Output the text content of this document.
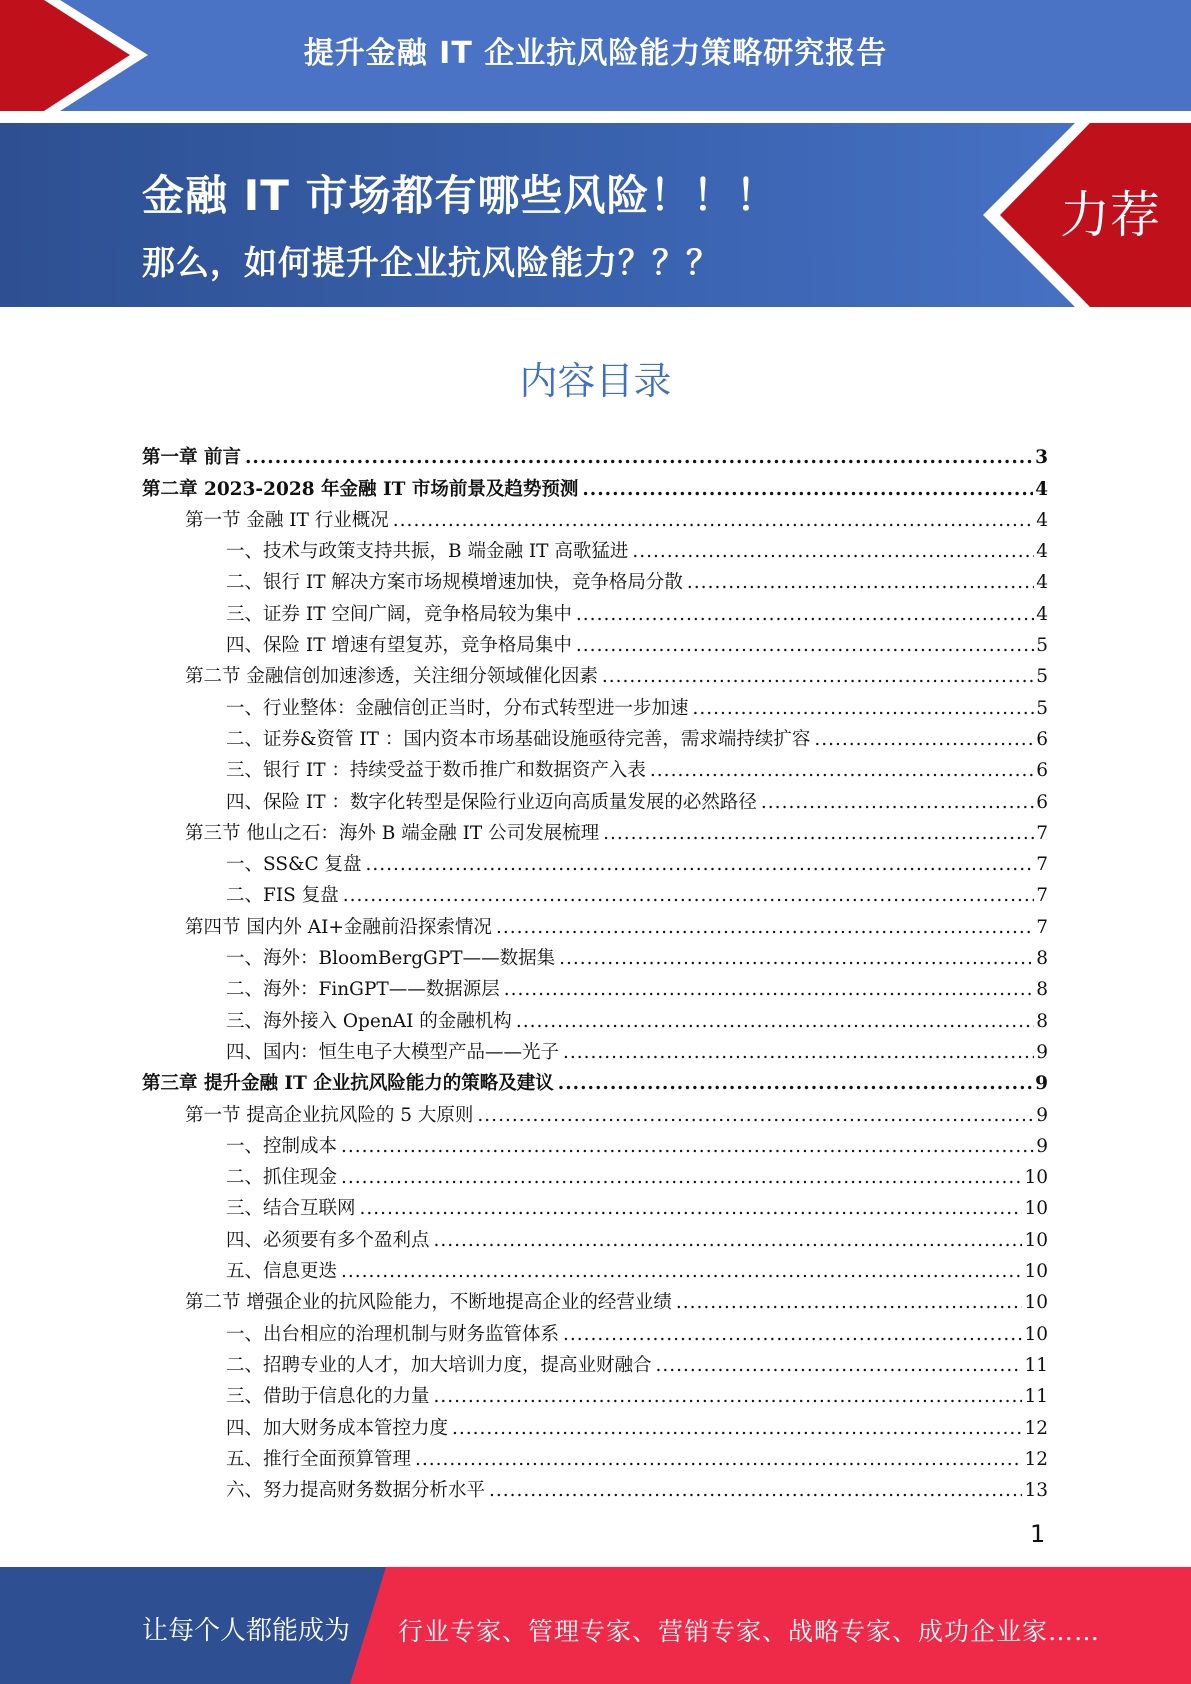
提升金融 IT 企业抗风险能力策略研究报告
金融 IT 市场都有哪些风险！！！
那么，如何提升企业抗风险能力？？？
力荐
内容目录
第一章 前言 .....	3
第二章 2023-2028 年金融 IT 市场前景及趋势预测 .....	4
第一节 金融 IT 行业概况 .....	4
一、技术与政策支持共振，B 端金融 IT 高歌猛进 .....	4
二、银行 IT 解决方案市场规模增速加快，竞争格局分散 .....	4
三、证券 IT 空间广阔，竞争格局较为集中 .....	4
四、保险 IT 增速有望复苏，竞争格局集中 .....	5
第二节 金融信创加速渗透，关注细分领域催化因素 .....	5
一、行业整体：金融信创正当时，分布式转型进一步加速 .....	5
二、证券&资管 IT ：国内资本市场基础设施亟待完善，需求端持续扩容 .....	6
三、银行 IT ：持续受益于数币推广和数据资产入表 .....	6
四、保险 IT ：数字化转型是保险行业迈向高质量发展的必然路径 .....	6
第三节 他山之石：海外 B 端金融 IT 公司发展梳理 .....	7
一、SS&C 复盘 .....	7
二、FIS 复盘 .....	7
第四节 国内外 AI+金融前沿探索情况 .....	7
一、海外：BloomBergGPT——数据集 .....	8
二、海外：FinGPT——数据源层 .....	8
三、海外接入 OpenAI 的金融机构 .....	8
四、国内：恒生电子大模型产品——光子 .....	9
第三章 提升金融 IT 企业抗风险能力的策略及建议 .....	9
第一节 提高企业抗风险的 5 大原则 .....	9
一、控制成本 .....	9
二、抓住现金 .....	10
三、结合互联网 .....	10
四、必须要有多个盈利点 .....	10
五、信息更迭 .....	10
第二节 增强企业的抗风险能力，不断地提高企业的经营业绩 .....	10
一、出台相应的治理机制与财务监管体系 .....	10
二、招聘专业的人才，加大培训力度，提高业财融合 .....	11
三、借助于信息化的力量 .....	11
四、加大财务成本管控力度 .....	12
五、推行全面预算管理 .....	12
六、努力提高财务数据分析水平 .....	13
1
让每个人都能成为 行业专家、管理专家、营销专家、战略专家、成功企业家……
